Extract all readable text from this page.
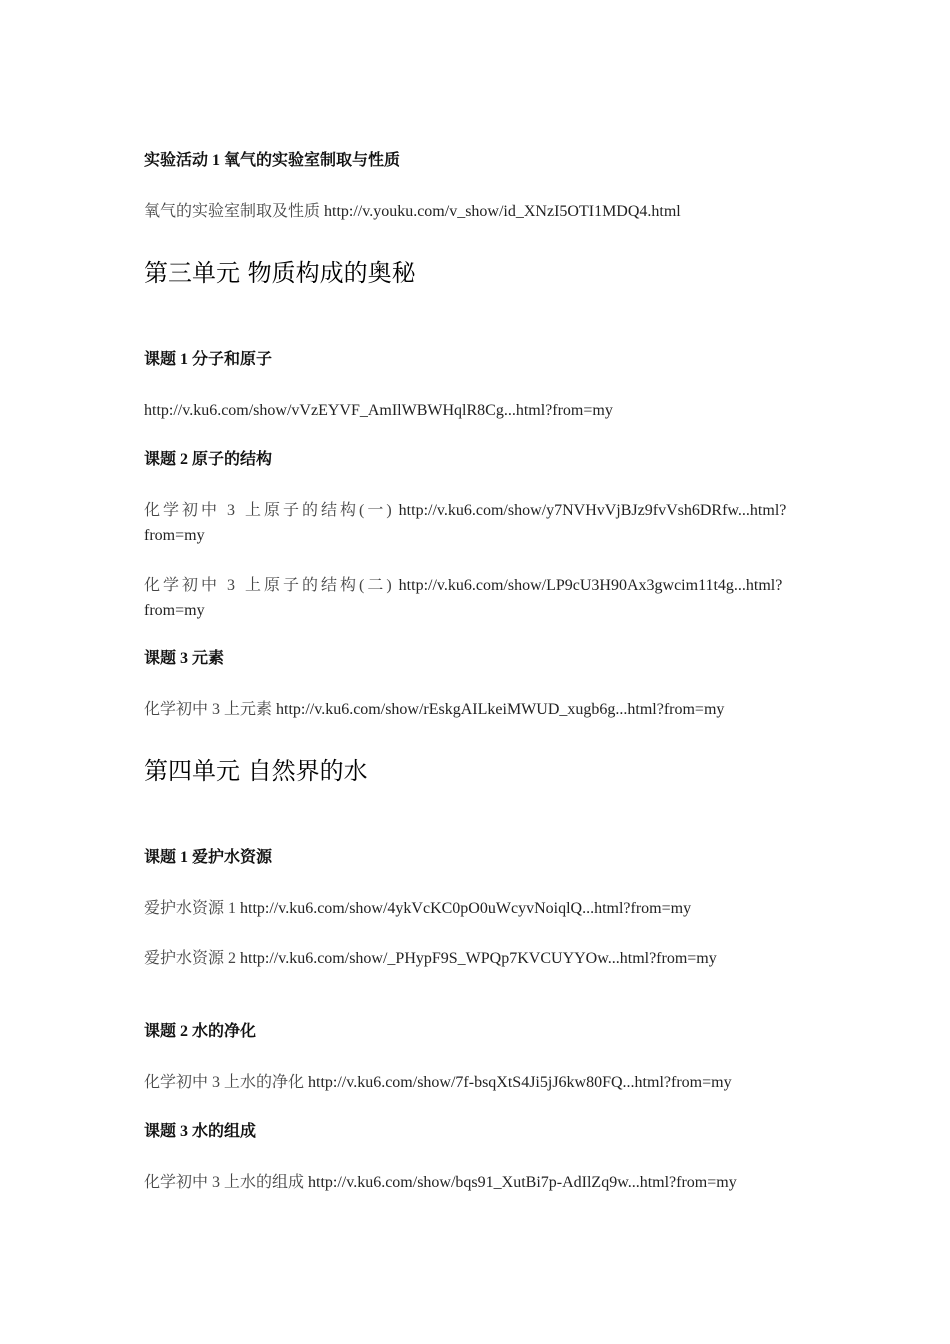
实验活动 1 氧气的实验室制取与性质
氧气的实验室制取及性质 http://v.youku.com/v_show/id_XNzI5OTI1MDQ4.html
第三单元 物质构成的奥秘
课题 1 分子和原子
http://v.ku6.com/show/vVzEYVF_AmIlWBWHqlR8Cg...html?from=my
课题 2 原子的结构
化学初中 3 上原子的结构(一) http://v.ku6.com/show/y7NVHvVjBJz9fvVsh6DRfw...html?
from=my
化学初中 3 上原子的结构(二) http://v.ku6.com/show/LP9cU3H90Ax3gwcim11t4g...html?
from=my
课题 3 元素
化学初中 3 上元素 http://v.ku6.com/show/rEskgAILkeiMWUD_xugb6g...html?from=my
第四单元 自然界的水
课题 1 爱护水资源
爱护水资源 1 http://v.ku6.com/show/4ykVcKC0pO0uWcyvNoiqlQ...html?from=my
爱护水资源 2 http://v.ku6.com/show/_PHypF9S_WPQp7KVCUYYOw...html?from=my
课题 2 水的净化
化学初中 3 上水的净化 http://v.ku6.com/show/7f-bsqXtS4Ji5jJ6kw80FQ...html?from=my
课题 3 水的组成
化学初中 3 上水的组成 http://v.ku6.com/show/bqs91_XutBi7p-AdIlZq9w...html?from=my
